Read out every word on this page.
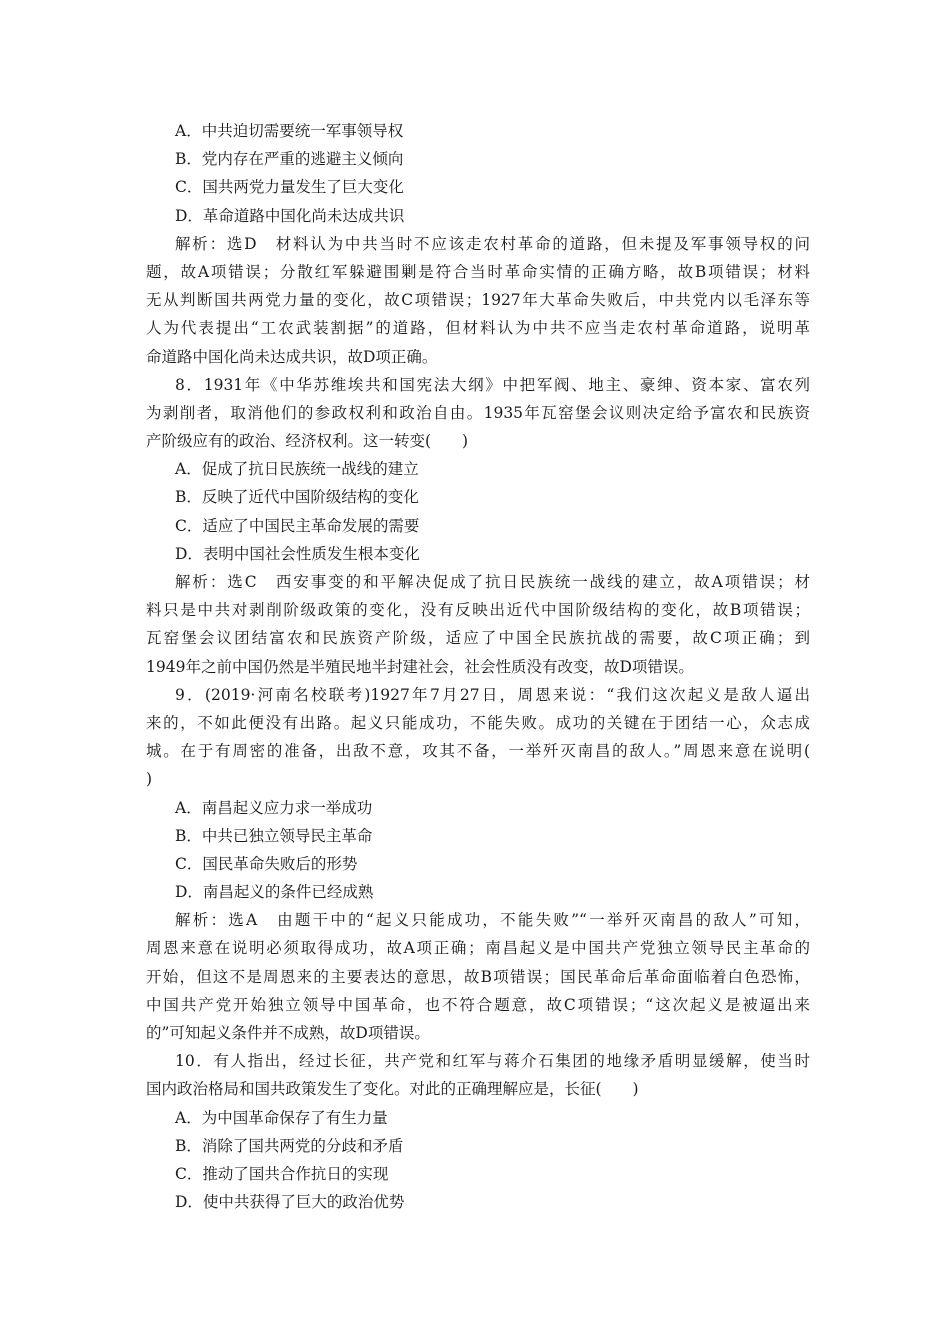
A．中共迫切需要统一军事领导权
B．党内存在严重的逃避主义倾向
C．国共两党力量发生了巨大变化
D．革命道路中国化尚未达成共识
解析：选D　材料认为中共当时不应该走农村革命的道路，但未提及军事领导权的问
题，故A项错误；分散红军躲避围剿是符合当时革命实情的正确方略，故B项错误；材料
无从判断国共两党力量的变化，故C项错误；1927年大革命失败后，中共党内以毛泽东等
人为代表提出“工农武装割据”的道路，但材料认为中共不应当走农村革命道路，说明革
命道路中国化尚未达成共识，故D项正确。
8．1931年《中华苏维埃共和国宪法大纲》中把军阀、地主、豪绅、资本家、富农列
为剥削者，取消他们的参政权利和政治自由。1935年瓦窑堡会议则决定给予富农和民族资
产阶级应有的政治、经济权利。这一转变(　　)
A．促成了抗日民族统一战线的建立
B．反映了近代中国阶级结构的变化
C．适应了中国民主革命发展的需要
D．表明中国社会性质发生根本变化
解析：选C　西安事变的和平解决促成了抗日民族统一战线的建立，故A项错误；材
料只是中共对剥削阶级政策的变化，没有反映出近代中国阶级结构的变化，故B项错误；
瓦窑堡会议团结富农和民族资产阶级，适应了中国全民族抗战的需要，故C项正确；到
1949年之前中国仍然是半殖民地半封建社会，社会性质没有改变，故D项错误。
9．(2019·河南名校联考)1927年7月27日，周恩来说：“我们这次起义是敌人逼出
来的，不如此便没有出路。起义只能成功，不能失败。成功的关键在于团结一心，众志成
城。在于有周密的准备，出敌不意，攻其不备，一举歼灭南昌的敌人。”周恩来意在说明(
)
A．南昌起义应力求一举成功
B．中共已独立领导民主革命
C．国民革命失败后的形势
D．南昌起义的条件已经成熟
解析：选A　由题干中的“起义只能成功，不能失败”“一举歼灭南昌的敌人”可知，
周恩来意在说明必须取得成功，故A项正确；南昌起义是中国共产党独立领导民主革命的
开始，但这不是周恩来的主要表达的意思，故B项错误；国民革命后革命面临着白色恐怖，
中国共产党开始独立领导中国革命，也不符合题意，故C项错误；“这次起义是被逼出来
的”可知起义条件并不成熟，故D项错误。
10．有人指出，经过长征，共产党和红军与蒋介石集团的地缘矛盾明显缓解，使当时
国内政治格局和国共政策发生了变化。对此的正确理解应是，长征(　　)
A．为中国革命保存了有生力量
B．消除了国共两党的分歧和矛盾
C．推动了国共合作抗日的实现
D．使中共获得了巨大的政治优势
